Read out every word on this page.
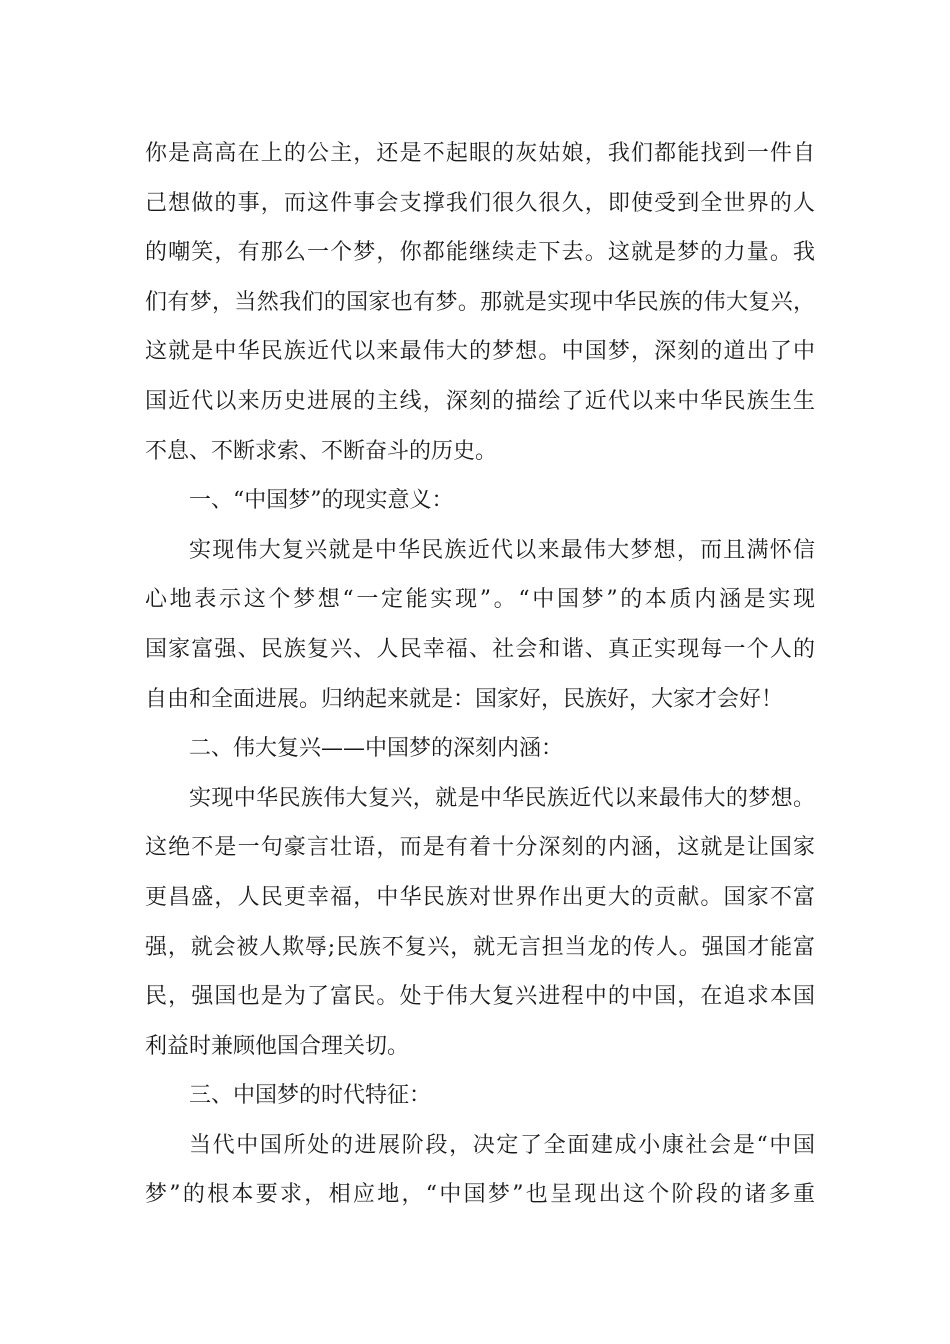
你是高高在上的公主，还是不起眼的灰姑娘，我们都能找到一件自
己想做的事，而这件事会支撑我们很久很久，即使受到全世界的人
的嘲笑，有那么一个梦，你都能继续走下去。这就是梦的力量。我
们有梦，当然我们的国家也有梦。那就是实现中华民族的伟大复兴，
这就是中华民族近代以来最伟大的梦想。中国梦，深刻的道出了中
国近代以来历史进展的主线，深刻的描绘了近代以来中华民族生生
不息、不断求索、不断奋斗的历史。
一、“中国梦”的现实意义：
实现伟大复兴就是中华民族近代以来最伟大梦想，而且满怀信
心地表示这个梦想“一定能实现”。“中国梦”的本质内涵是实现
国家富强、民族复兴、人民幸福、社会和谐、真正实现每一个人的
自由和全面进展。归纳起来就是：国家好，民族好，大家才会好！
二、伟大复兴——中国梦的深刻内涵：
实现中华民族伟大复兴，就是中华民族近代以来最伟大的梦想。
这绝不是一句豪言壮语，而是有着十分深刻的内涵，这就是让国家
更昌盛，人民更幸福，中华民族对世界作出更大的贡献。国家不富
强，就会被人欺辱;民族不复兴，就无言担当龙的传人。强国才能富
民，强国也是为了富民。处于伟大复兴进程中的中国，在追求本国
利益时兼顾他国合理关切。
三、中国梦的时代特征：
当代中国所处的进展阶段，决定了全面建成小康社会是“中国
梦”的根本要求，相应地，“中国梦”也呈现出这个阶段的诸多重
